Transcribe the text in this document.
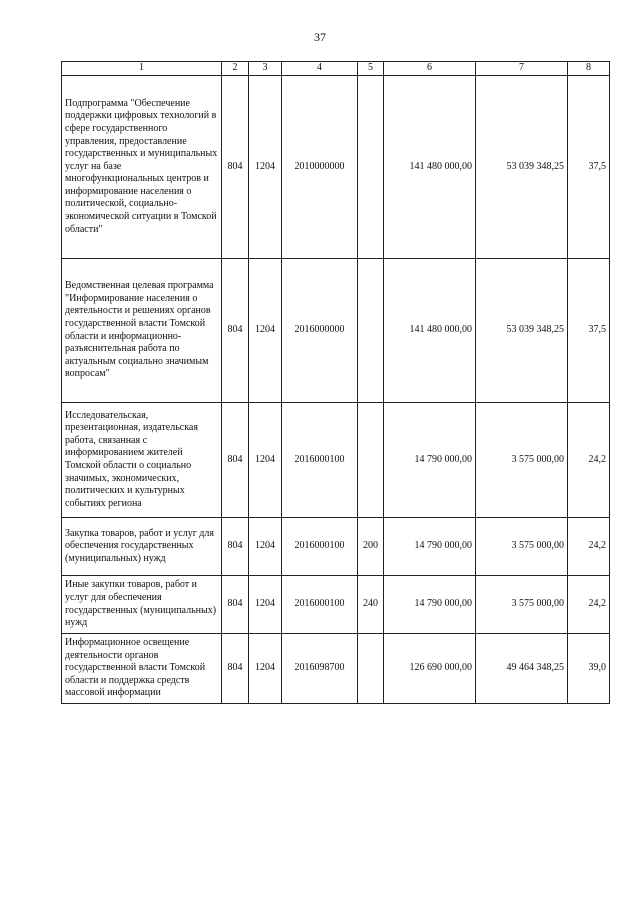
37
1	2	3	4	5	6	7	8
Подпрограмма "Обеспечение поддержки цифровых технологий в сфере государственного управления, предоставление государственных и муниципальных услуг на базе многофункциональных центров и информирование населения о политической, социально-экономической ситуации в Томской области"	804	1204	2010000000		141 480 000,00	53 039 348,25	37,5
Ведомственная целевая программа "Информирование населения о деятельности и решениях органов государственной власти Томской области и информационно-разъяснительная работа по актуальным социально значимым вопросам"	804	1204	2016000000		141 480 000,00	53 039 348,25	37,5
Исследовательская, презентационная, издательская работа, связанная с информированием жителей Томской области о социально значимых, экономических, политических и культурных событиях региона	804	1204	2016000100		14 790 000,00	3 575 000,00	24,2
Закупка товаров, работ и услуг для обеспечения государственных (муниципальных) нужд	804	1204	2016000100	200	14 790 000,00	3 575 000,00	24,2
Иные закупки товаров, работ и услуг для обеспечения государственных (муниципальных) нужд	804	1204	2016000100	240	14 790 000,00	3 575 000,00	24,2
Информационное освещение деятельности органов государственной власти Томской области и поддержка средств массовой информации	804	1204	2016098700		126 690 000,00	49 464 348,25	39,0
